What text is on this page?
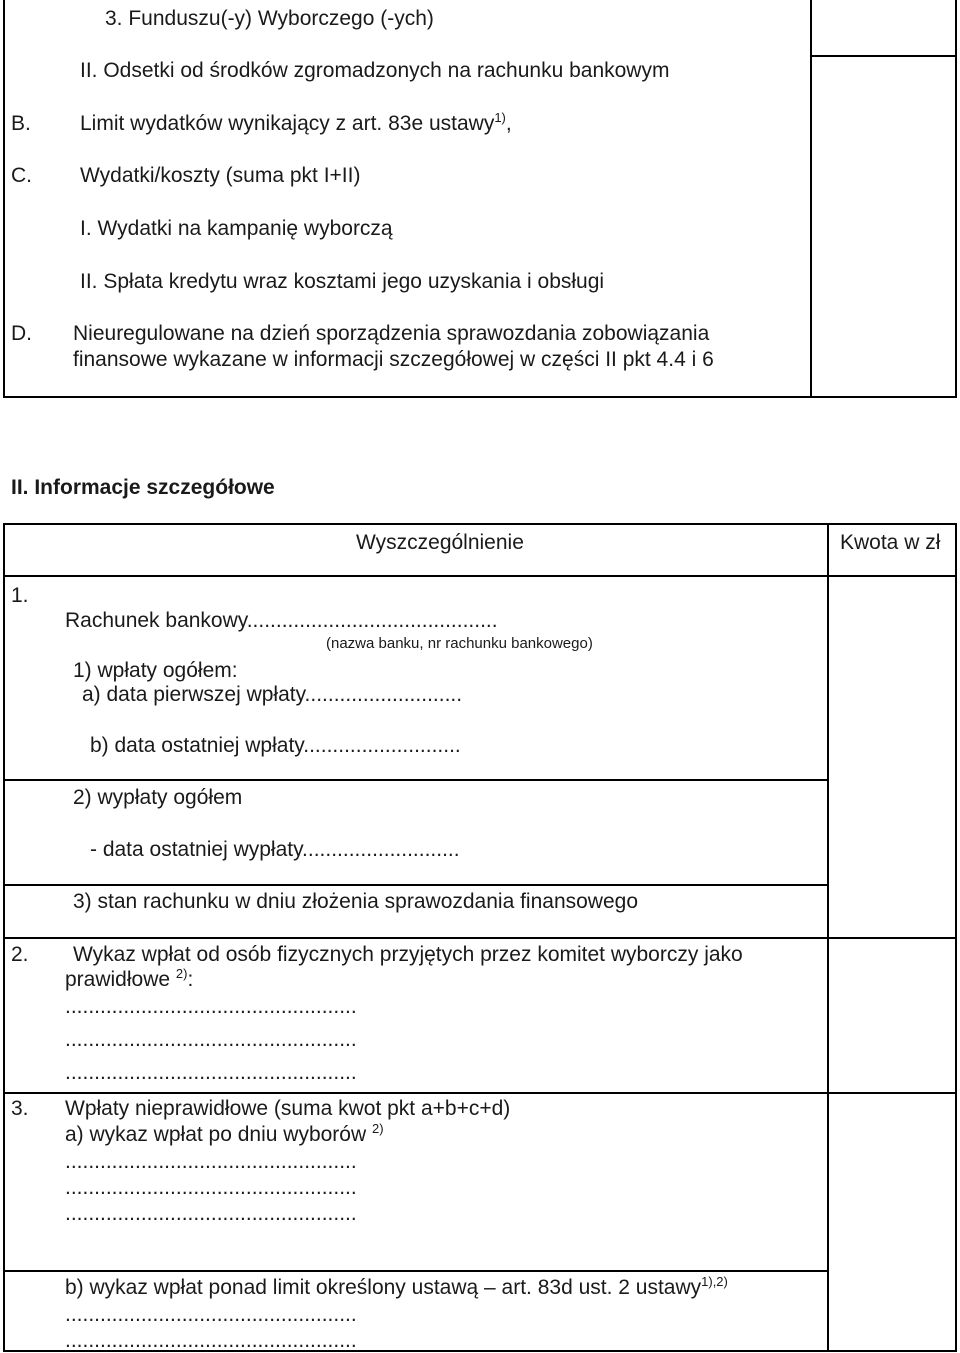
3. Funduszu(-y) Wyborczego (-ych)
II. Odsetki od środków zgromadzonych na rachunku bankowym
B. Limit wydatków wynikający z art. 83e ustawy$^{1)}$,
C. Wydatki/koszty (suma pkt I+II)
I. Wydatki na kampanię wyborczą
II. Spłata kredytu wraz kosztami jego uzyskania i obsługi
D. Nieuregulowane na dzień sporządzenia sprawozdania zobowiązania
finansowe wykazane w informacji szczegółowej w części II pkt 4.4 i 6
II. Informacje szczegółowe
Wyszczególnienie	Kwota w zł
1.
Rachunek bankowy...........................................
(nazwa banku, nr rachunku bankowego)
1) wpłaty ogółem:
a) data pierwszej wpłaty...........................
b) data ostatniej wpłaty...........................
2) wypłaty ogółem
- data ostatniej wypłaty...........................
3) stan rachunku w dniu złożenia sprawozdania finansowego
2. Wykaz wpłat od osób fizycznych przyjętych przez komitet wyborczy jako
prawidłowe $^{2)}$:
..................................................
..................................................
..................................................
3. Wpłaty nieprawidłowe (suma kwot pkt a+b+c+d)
a) wykaz wpłat po dniu wyborów $^{2)}$
..................................................
..................................................
..................................................
b) wykaz wpłat ponad limit określony ustawą – art. 83d ust. 2 ustawy$^{1),2)}$
..................................................
..................................................
